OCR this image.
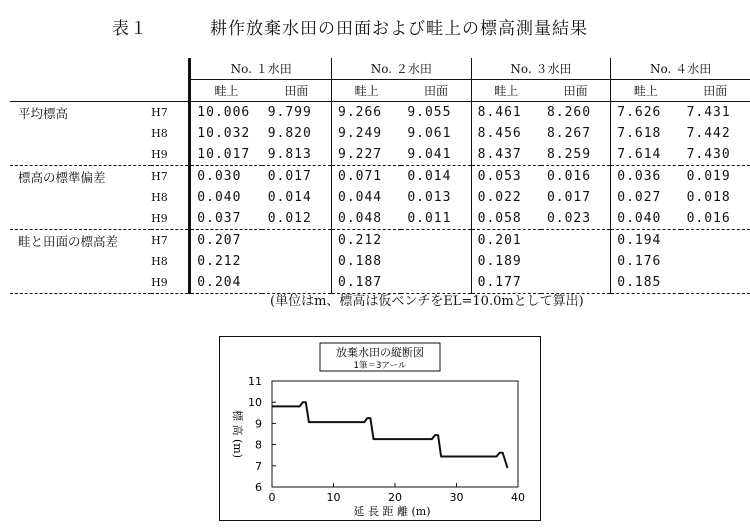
表１	耕作放棄水田の田面および畦上の標高測量結果
		No. １水田		No. ２水田		No. ３水田		No. ４水田	
		畦上	田面	畦上	田面	畦上	田面	畦上	田面
平均標高	H7	10.006	9.799	9.266	9.055	8.461	8.260	7.626	7.431
	H8	10.032	9.820	9.249	9.061	8.456	8.267	7.618	7.442
	H9	10.017	9.813	9.227	9.041	8.437	8.259	7.614	7.430
標高の標準偏差	H7	0.030	0.017	0.071	0.014	0.053	0.016	0.036	0.019
	H8	0.040	0.014	0.044	0.013	0.022	0.017	0.027	0.018
	H9	0.037	0.012	0.048	0.011	0.058	0.023	0.040	0.016
畦と田面の標高差	H7	0.207		0.212		0.201		0.194	
	H8	0.212		0.188		0.189		0.176	
	H9	0.204		0.187		0.177		0.185	
(単位はm、標高は仮ベンチをEL=10.0mとして算出)
放棄水田の縦断図
1筆＝3アール
6
7
8
9
10
11
0	10	20	30	40
延 長 距 離 (m)
標 高 (m)
